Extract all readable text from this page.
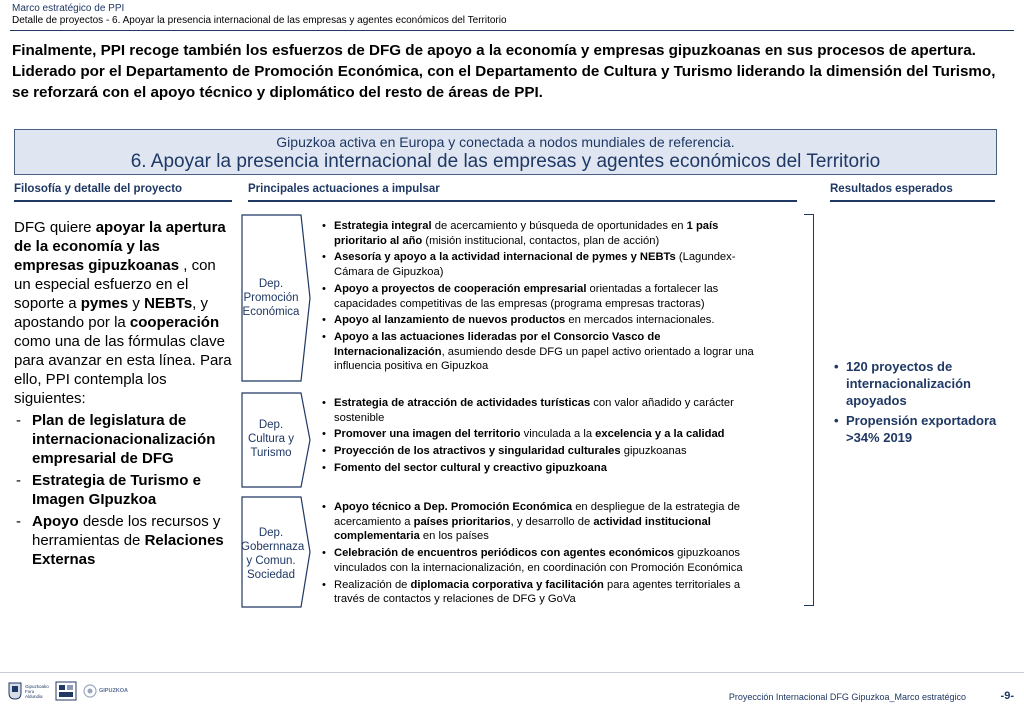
Marco estratégico de PPI
Detalle de proyectos - 6. Apoyar la presencia internacional de las empresas y agentes económicos del Territorio
Finalmente, PPI recoge también los esfuerzos de DFG de apoyo a la economía y empresas gipuzkoanas en sus procesos de apertura. Liderado por el Departamento de Promoción Económica, con el Departamento de Cultura y Turismo liderando la dimensión del Turismo, se reforzará con el apoyo técnico y diplomático del resto de áreas de PPI.
Gipuzkoa activa en Europa y conectada a nodos mundiales de referencia.
6. Apoyar la presencia internacional de las empresas y agentes económicos del Territorio
Filosofía y detalle del proyecto	Principales actuaciones a impulsar	Resultados esperados
DFG quiere apoyar la apertura de la economía y las empresas gipuzkoanas , con un especial esfuerzo en el soporte a pymes y NEBTs, y apostando por la cooperación como una de las fórmulas clave para avanzar en esta línea. Para ello, PPI contempla los siguientes:
- Plan de legislatura de internacionacionalización empresarial de DFG
- Estrategia de Turismo e Imagen GIpuzkoa
- Apoyo desde los recursos y herramientas de Relaciones Externas
Dep.
Promoción
Económica
Dep.
Cultura y
Turismo
Dep.
Gobernnaza
y Comun.
Sociedad
• Estrategia integral de acercamiento y búsqueda de oportunidades en 1 país prioritario al año (misión institucional, contactos, plan de acción)
• Asesoría y apoyo a la actividad internacional de pymes y NEBTs (Lagundex-Cámara de Gipuzkoa)
• Apoyo a proyectos de cooperación empresarial orientadas a fortalecer las capacidades competitivas de las empresas (programa empresas tractoras)
• Apoyo al lanzamiento de nuevos productos en mercados internacionales.
• Apoyo a las actuaciones lideradas por el Consorcio Vasco de Internacionalización, asumiendo desde DFG un papel activo orientado a lograr una influencia positiva en Gipuzkoa
• Estrategia de atracción de actividades turísticas con valor añadido y carácter sostenible
• Promover una imagen del territorio vinculada a la excelencia y a la calidad
• Proyección de los atractivos y singularidad culturales gipuzkoanas
• Fomento del sector cultural y creactivo gipuzkoana
• Apoyo técnico a Dep. Promoción Económica en despliegue de la estrategia de acercamiento a países prioritarios, y desarrollo de actividad institucional complementaria en los países
• Celebración de encuentros periódicos con agentes económicos gipuzkoanos vinculados con la internacionalización, en coordinación con Promoción Económica
• Realización de diplomacia corporativa y facilitación para agentes territoriales a través de contactos y relaciones de DFG y GoVa
• 120 proyectos de internacionalización apoyados
• Propensión exportadora >34% 2019
Gipuzkoako Foru Aldundia
GIPUZKOA
Proyección Internacional DFG Gipuzkoa_Marco estratégico	-9-
